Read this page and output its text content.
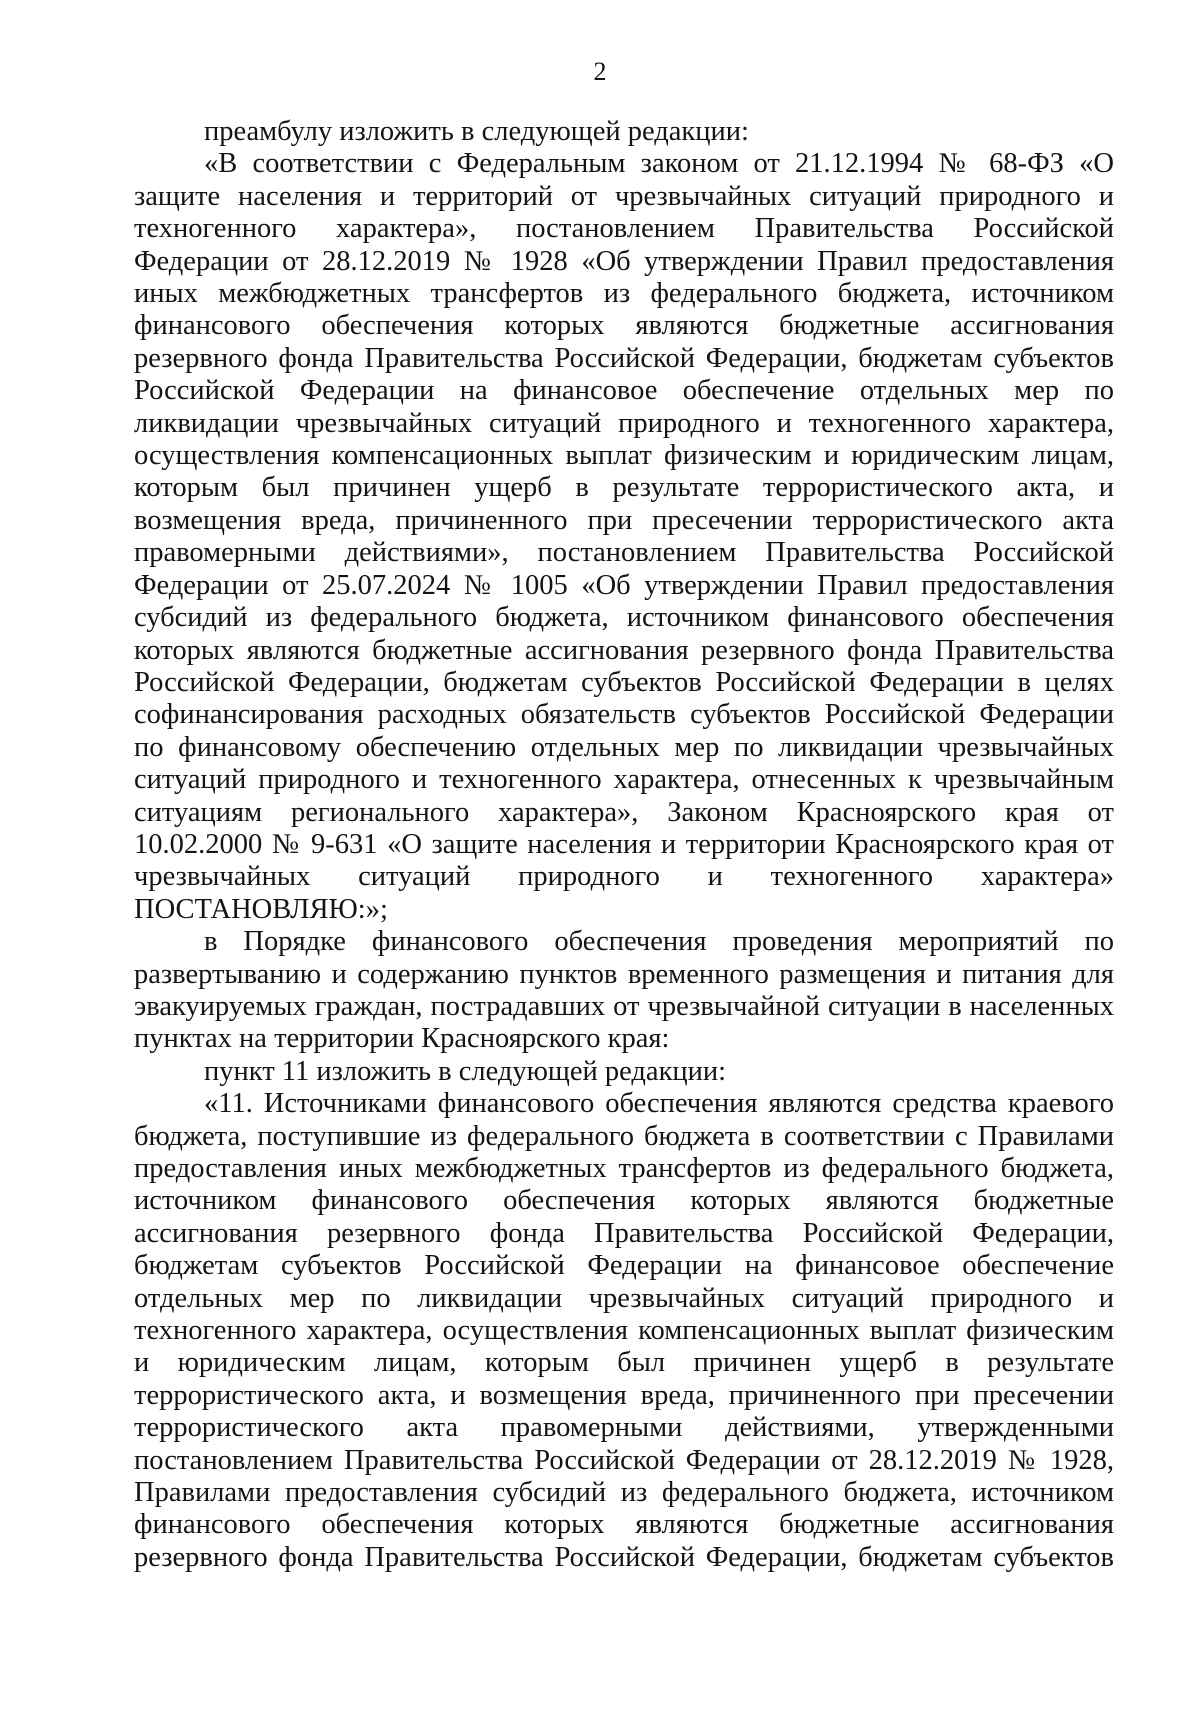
2

преамбулу изложить в следующей редакции:

«В соответствии с Федеральным законом от 21.12.1994 № 68-ФЗ «О защите населения и территорий от чрезвычайных ситуаций природного и техногенного характера», постановлением Правительства Российской Федерации от 28.12.2019 № 1928 «Об утверждении Правил предоставления иных межбюджетных трансфертов из федерального бюджета, источником финансового обеспечения которых являются бюджетные ассигнования резервного фонда Правительства Российской Федерации, бюджетам субъектов Российской Федерации на финансовое обеспечение отдельных мер по ликвидации чрезвычайных ситуаций природного и техногенного характера, осуществления компенсационных выплат физическим и юридическим лицам, которым был причинен ущерб в результате террористического акта, и возмещения вреда, причиненного при пресечении террористического акта правомерными действиями», постановлением Правительства Российской Федерации от 25.07.2024 № 1005 «Об утверждении Правил предоставления субсидий из федерального бюджета, источником финансового обеспечения которых являются бюджетные ассигнования резервного фонда Правительства Российской Федерации, бюджетам субъектов Российской Федерации в целях софинансирования расходных обязательств субъектов Российской Федерации по финансовому обеспечению отдельных мер по ликвидации чрезвычайных ситуаций природного и техногенного характера, отнесенных к чрезвычайным ситуациям регионального характера», Законом Красноярского края от 10.02.2000 № 9-631 «О защите населения и территории Красноярского края от чрезвычайных ситуаций природного и техногенного характера» ПОСТАНОВЛЯЮ:»;

в Порядке финансового обеспечения проведения мероприятий по развертыванию и содержанию пунктов временного размещения и питания для эвакуируемых граждан, пострадавших от чрезвычайной ситуации в населенных пунктах на территории Красноярского края:

пункт 11 изложить в следующей редакции:

«11. Источниками финансового обеспечения являются средства краевого бюджета, поступившие из федерального бюджета в соответствии с Правилами предоставления иных межбюджетных трансфертов из федерального бюджета, источником финансового обеспечения которых являются бюджетные ассигнования резервного фонда Правительства Российской Федерации, бюджетам субъектов Российской Федерации на финансовое обеспечение отдельных мер по ликвидации чрезвычайных ситуаций природного и техногенного характера, осуществления компенсационных выплат физическим и юридическим лицам, которым был причинен ущерб в результате террористического акта, и возмещения вреда, причиненного при пресечении террористического акта правомерными действиями, утвержденными постановлением Правительства Российской Федерации от 28.12.2019 № 1928, Правилами предоставления субсидий из федерального бюджета, источником финансового обеспечения которых являются бюджетные ассигнования резервного фонда Правительства Российской Федерации, бюджетам субъектов
